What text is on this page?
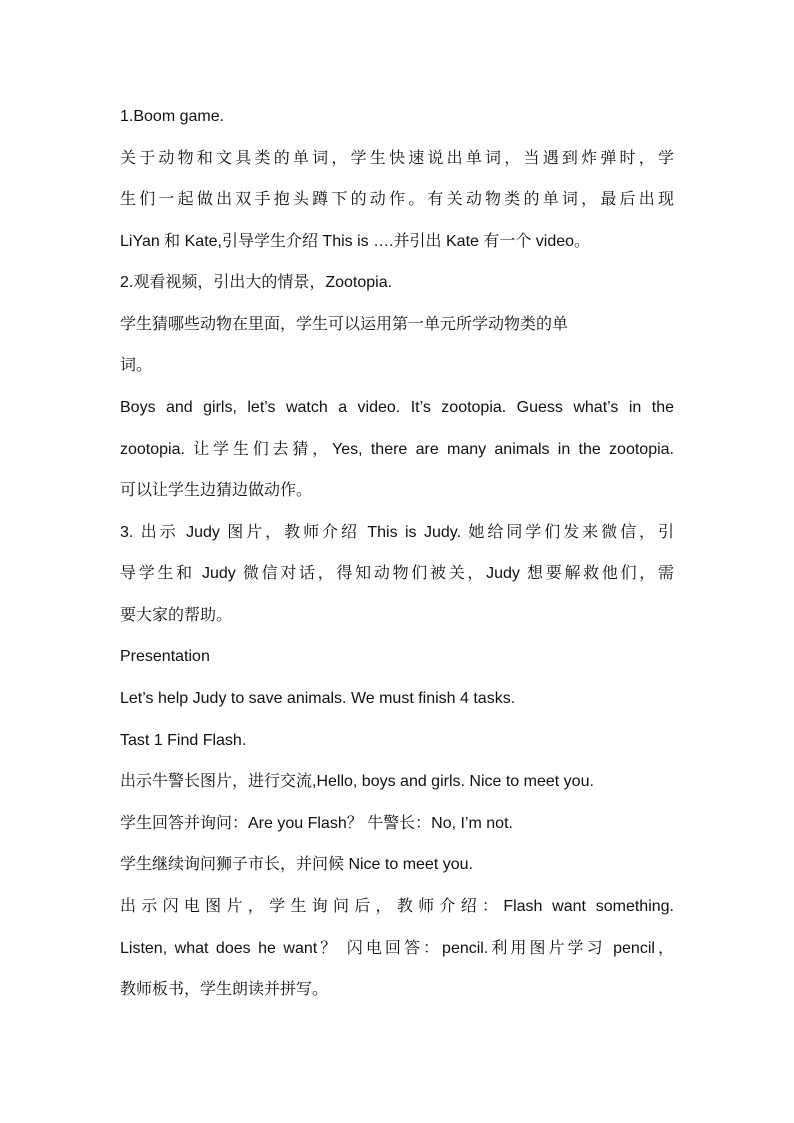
1.Boom game.
关于动物和文具类的单词，学生快速说出单词，当遇到炸弹时，学
生们一起做出双手抱头蹲下的动作。有关动物类的单词，最后出现
LiYan 和 Kate,引导学生介绍 This is ….并引出 Kate 有一个 video。
2.观看视频，引出大的情景，Zootopia.
学生猜哪些动物在里面，学生可以运用第一单元所学动物类的单
词。
Boys and girls, let’s watch a video. It’s zootopia. Guess what’s in the
zootopia. 让学生们去猜，Yes, there are many animals in the zootopia.
可以让学生边猜边做动作。
3. 出示 Judy 图片，教师介绍 This is Judy. 她给同学们发来微信，引
导学生和 Judy 微信对话，得知动物们被关，Judy 想要解救他们，需
要大家的帮助。
Presentation
Let’s help Judy to save animals. We must finish 4 tasks.
Tast 1 Find Flash.
出示牛警长图片，进行交流,Hello, boys and girls. Nice to meet you.
学生回答并询问：Are you Flash？ 牛警长：No, I’m not.
学生继续询问狮子市长，并问候 Nice to meet you.
出示闪电图片，学生询问后，教师介绍：Flash want something.
Listen, what does he want？ 闪电回答：pencil.利用图片学习 pencil，
教师板书，学生朗读并拼写。
